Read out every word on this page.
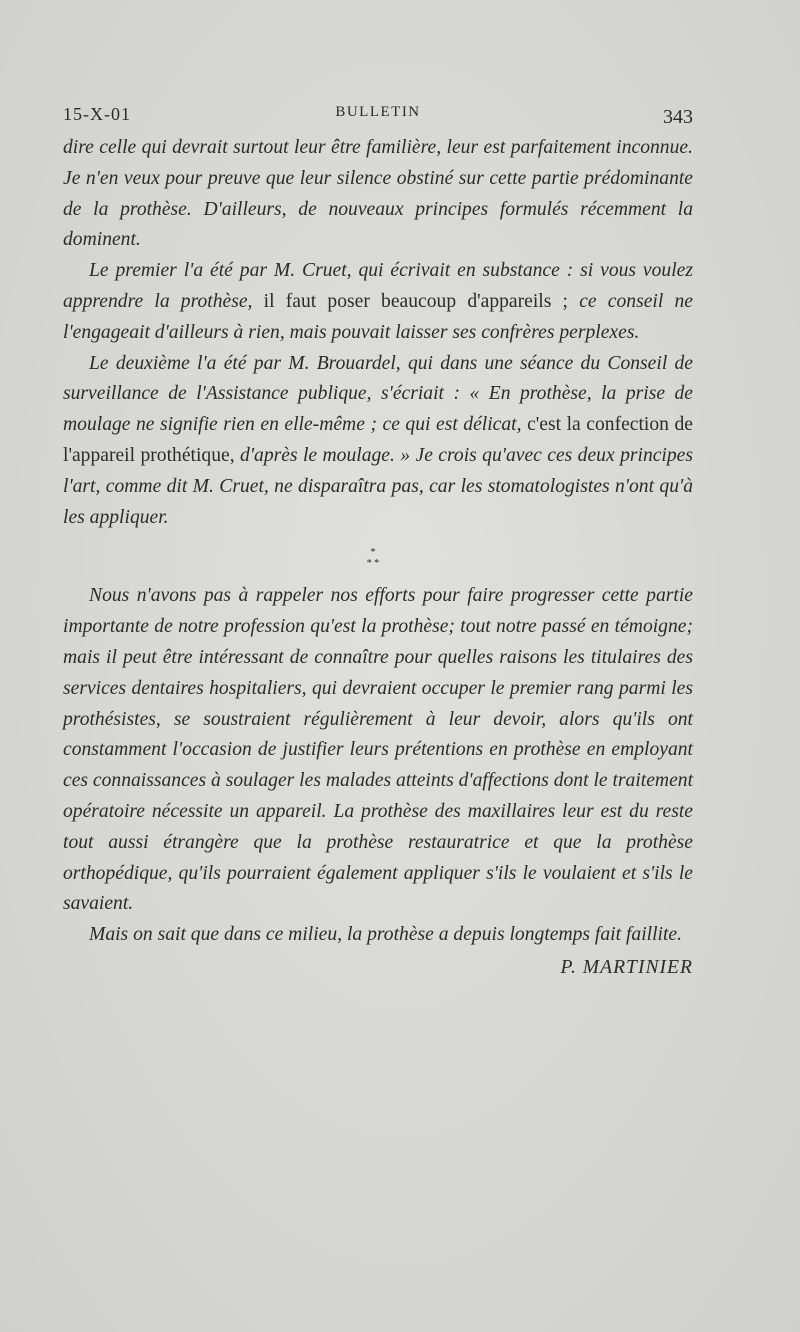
15-X-01	BULLETIN	343

dire celle qui devrait surtout leur être familière, leur est parfaitement inconnue. Je n'en veux pour preuve que leur silence obstiné sur cette partie prédominante de la prothèse. D'ailleurs, de nouveaux principes formulés récemment la dominent.

Le premier l'a été par M. Cruet, qui écrivait en substance : si vous voulez apprendre la prothèse, il faut poser beaucoup d'appareils ; ce conseil ne l'engageait d'ailleurs à rien, mais pouvait laisser ses confrères perplexes.

Le deuxième l'a été par M. Brouardel, qui dans une séance du Conseil de surveillance de l'Assistance publique, s'écriait : « En prothèse, la prise de moulage ne signifie rien en elle-même ; ce qui est délicat, c'est la confection de l'appareil prothétique, d'après le moulage. » Je crois qu'avec ces deux principes l'art, comme dit M. Cruet, ne disparaîtra pas, car les stomatologistes n'ont qu'à les appliquer.

*
* *

Nous n'avons pas à rappeler nos efforts pour faire progresser cette partie importante de notre profession qu'est la prothèse; tout notre passé en témoigne; mais il peut être intéressant de connaître pour quelles raisons les titulaires des services dentaires hospitaliers, qui devraient occuper le premier rang parmi les prothésistes, se soustraient régulièrement à leur devoir, alors qu'ils ont constamment l'occasion de justifier leurs prétentions en prothèse en employant ces connaissances à soulager les malades atteints d'affections dont le traitement opératoire nécessite un appareil. La prothèse des maxillaires leur est du reste tout aussi étrangère que la prothèse restauratrice et que la prothèse orthopédique, qu'ils pourraient également appliquer s'ils le voulaient et s'ils le savaient.

Mais on sait que dans ce milieu, la prothèse a depuis longtemps fait faillite.

P. MARTINIER
